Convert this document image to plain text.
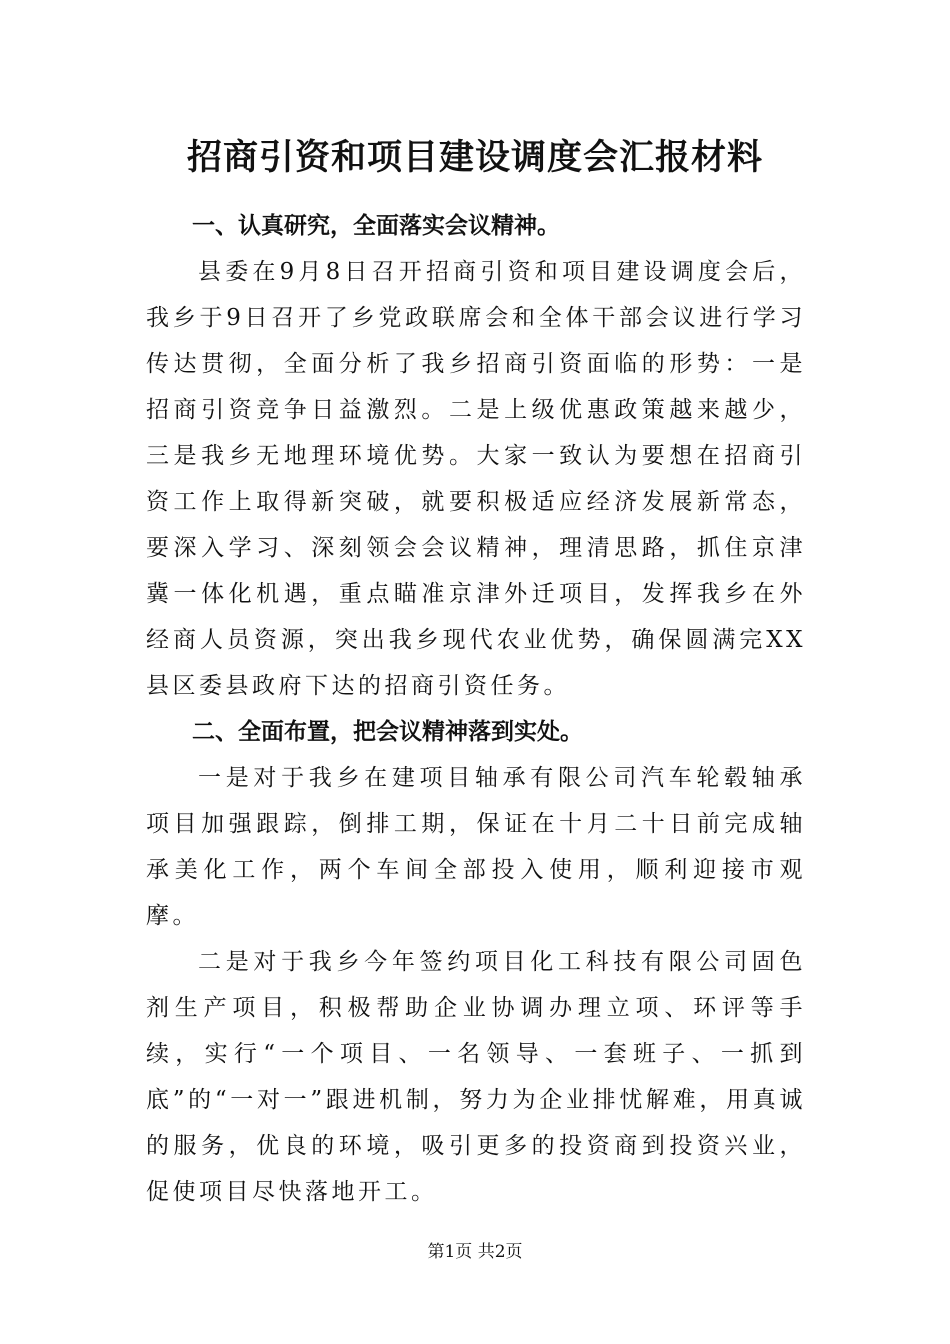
招商引资和项目建设调度会汇报材料

一、认真研究，全面落实会议精神。

县委在9月8日召开招商引资和项目建设调度会后，我乡于9日召开了乡党政联席会和全体干部会议进行学习传达贯彻，全面分析了我乡招商引资面临的形势：一是招商引资竞争日益激烈。二是上级优惠政策越来越少，三是我乡无地理环境优势。大家一致认为要想在招商引资工作上取得新突破，就要积极适应经济发展新常态，要深入学习、深刻领会会议精神，理清思路，抓住京津冀一体化机遇，重点瞄准京津外迁项目，发挥我乡在外经商人员资源，突出我乡现代农业优势，确保圆满完XX县区委县政府下达的招商引资任务。

二、全面布置，把会议精神落到实处。

一是对于我乡在建项目轴承有限公司汽车轮毂轴承项目加强跟踪，倒排工期，保证在十月二十日前完成轴承美化工作，两个车间全部投入使用，顺利迎接市观摩。

二是对于我乡今年签约项目化工科技有限公司固色剂生产项目，积极帮助企业协调办理立项、环评等手续，实行“一个项目、一名领导、一套班子、一抓到底”的“一对一”跟进机制，努力为企业排忧解难，用真诚的服务，优良的环境，吸引更多的投资商到投资兴业，促使项目尽快落地开工。

第1页 共2页
